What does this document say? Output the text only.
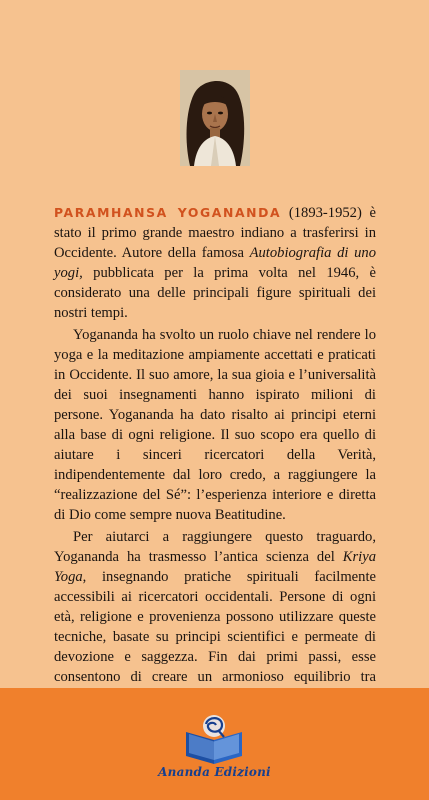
PARAMHANSA YOGANANDA (1893-1952) è stato il primo grande maestro indiano a trasferirsi in Occidente. Autore della famosa Autobiografia di uno yogi, pubblicata per la prima volta nel 1946, è considerato una delle principali figure spirituali dei nostri tempi.

Yogananda ha svolto un ruolo chiave nel rendere lo yoga e la meditazione ampiamente accettati e praticati in Occidente. Il suo amore, la sua gioia e l’universalità dei suoi insegnamenti hanno ispirato milioni di persone. Yogananda ha dato risalto ai principi eterni alla base di ogni religione. Il suo scopo era quello di aiutare i sinceri ricercatori della Verità, indipendentemente dal loro credo, a raggiungere la “realizzazione del Sé”: l’esperienza interiore e diretta di Dio come sempre nuova Beatitudine.

Per aiutarci a raggiungere questo traguardo, Yogananda ha trasmesso l’antica scienza del Kriya Yoga, insegnando pratiche spirituali facilmente accessibili ai ricercatori occidentali. Persone di ogni età, religione e provenienza possono utilizzare queste tecniche, basate su principi scientifici e permeate di devozione e saggezza. Fin dai primi passi, esse consentono di creare un armonioso equilibrio tra

Ananda Edizioni
